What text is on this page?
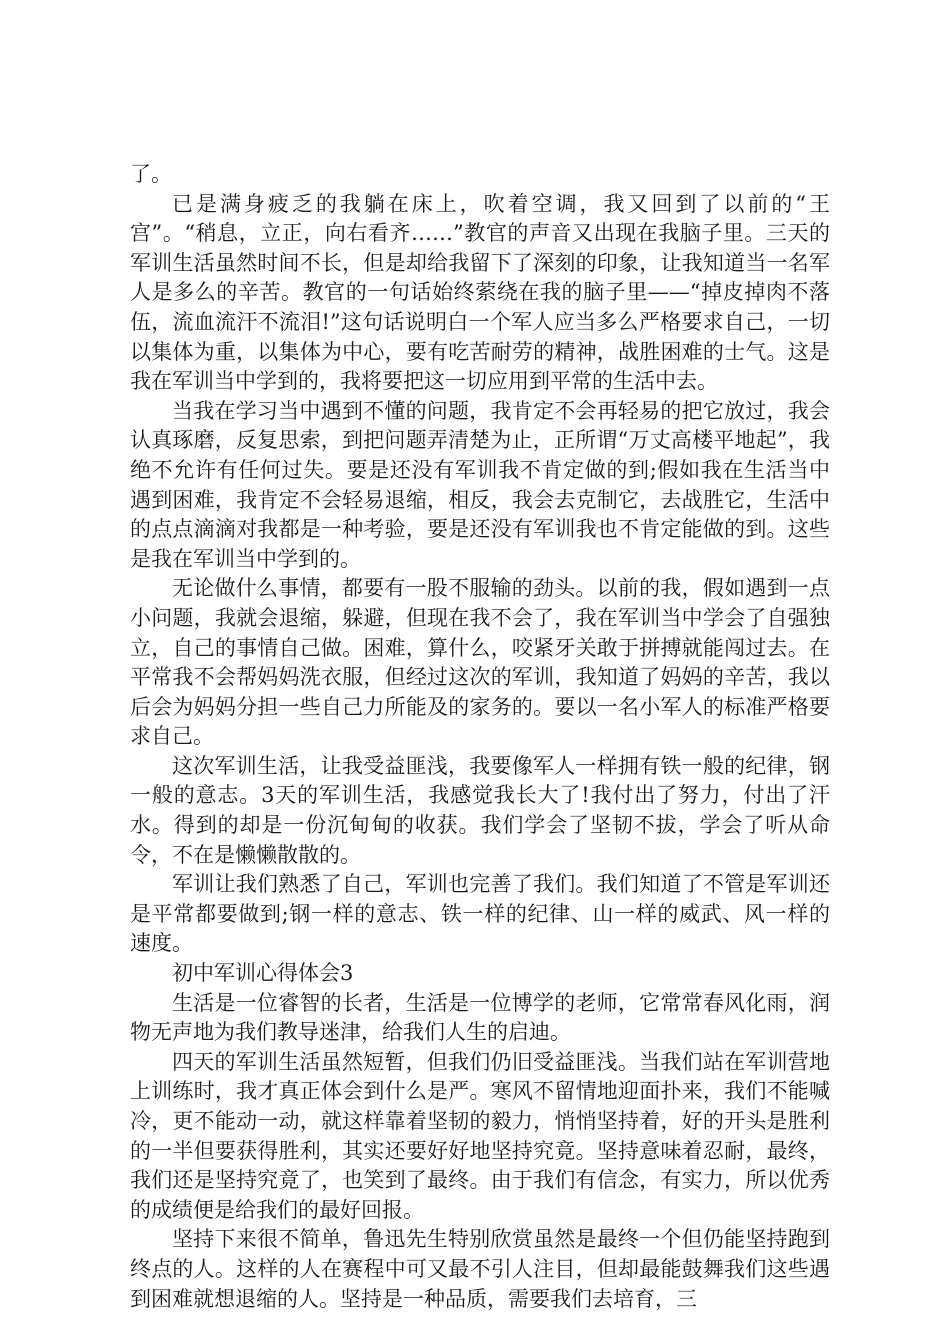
了。

已是满身疲乏的我躺在床上，吹着空调，我又回到了以前的“王宫”。“稍息，立正，向右看齐……”教官的声音又出现在我脑子里。三天的军训生活虽然时间不长，但是却给我留下了深刻的印象，让我知道当一名军人是多么的辛苦。教官的一句话始终萦绕在我的脑子里——“掉皮掉肉不落伍，流血流汗不流泪!”这句话说明白一个军人应当多么严格要求自己，一切以集体为重，以集体为中心，要有吃苦耐劳的精神，战胜困难的士气。这是我在军训当中学到的，我将要把这一切应用到平常的生活中去。

当我在学习当中遇到不懂的问题，我肯定不会再轻易的把它放过，我会认真琢磨，反复思索，到把问题弄清楚为止，正所谓“万丈高楼平地起”，我绝不允许有任何过失。要是还没有军训我不肯定做的到;假如我在生活当中遇到困难，我肯定不会轻易退缩，相反，我会去克制它，去战胜它，生活中的点点滴滴对我都是一种考验，要是还没有军训我也不肯定能做的到。这些是我在军训当中学到的。

无论做什么事情，都要有一股不服输的劲头。以前的我，假如遇到一点小问题，我就会退缩，躲避，但现在我不会了，我在军训当中学会了自强独立，自己的事情自己做。困难，算什么，咬紧牙关敢于拼搏就能闯过去。在平常我不会帮妈妈洗衣服，但经过这次的军训，我知道了妈妈的辛苦，我以后会为妈妈分担一些自己力所能及的家务的。要以一名小军人的标准严格要求自己。

这次军训生活，让我受益匪浅，我要像军人一样拥有铁一般的纪律，钢一般的意志。3天的军训生活，我感觉我长大了!我付出了努力，付出了汗水。得到的却是一份沉甸甸的收获。我们学会了坚韧不拔，学会了听从命令，不在是懒懒散散的。

军训让我们熟悉了自己，军训也完善了我们。我们知道了不管是军训还是平常都要做到;钢一样的意志、铁一样的纪律、山一样的威武、风一样的速度。

初中军训心得体会3

生活是一位睿智的长者，生活是一位博学的老师，它常常春风化雨，润物无声地为我们教导迷津，给我们人生的启迪。

四天的军训生活虽然短暂，但我们仍旧受益匪浅。当我们站在军训营地上训练时，我才真正体会到什么是严。寒风不留情地迎面扑来，我们不能喊冷，更不能动一动，就这样靠着坚韧的毅力，悄悄坚持着，好的开头是胜利的一半但要获得胜利，其实还要好好地坚持究竟。坚持意味着忍耐，最终，我们还是坚持究竟了，也笑到了最终。由于我们有信念，有实力，所以优秀的成绩便是给我们的最好回报。

坚持下来很不简单，鲁迅先生特别欣赏虽然是最终一个但仍能坚持跑到终点的人。这样的人在赛程中可又最不引人注目，但却最能鼓舞我们这些遇到困难就想退缩的人。坚持是一种品质，需要我们去培育，三
